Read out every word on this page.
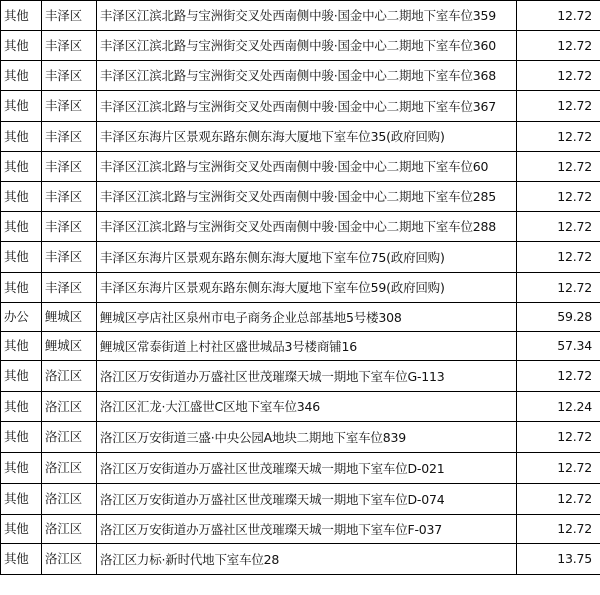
其他	丰泽区	丰泽区江滨北路与宝洲街交叉处西南侧中骏·国金中心二期地下室车位359	12.72
其他	丰泽区	丰泽区江滨北路与宝洲街交叉处西南侧中骏·国金中心二期地下室车位360	12.72
其他	丰泽区	丰泽区江滨北路与宝洲街交叉处西南侧中骏·国金中心二期地下室车位368	12.72
其他	丰泽区	丰泽区江滨北路与宝洲街交叉处西南侧中骏·国金中心二期地下室车位367	12.72
其他	丰泽区	丰泽区东海片区景观东路东侧东海大厦地下室车位35(政府回购)	12.72
其他	丰泽区	丰泽区江滨北路与宝洲街交叉处西南侧中骏·国金中心二期地下室车位60	12.72
其他	丰泽区	丰泽区江滨北路与宝洲街交叉处西南侧中骏·国金中心二期地下室车位285	12.72
其他	丰泽区	丰泽区江滨北路与宝洲街交叉处西南侧中骏·国金中心二期地下室车位288	12.72
其他	丰泽区	丰泽区东海片区景观东路东侧东海大厦地下室车位75(政府回购)	12.72
其他	丰泽区	丰泽区东海片区景观东路东侧东海大厦地下室车位59(政府回购)	12.72
办公	鲤城区	鲤城区亭店社区泉州市电子商务企业总部基地5号楼308	59.28
其他	鲤城区	鲤城区常泰街道上村社区盛世城品3号楼商铺16	57.34
其他	洛江区	洛江区万安街道办万盛社区世茂璀璨天城一期地下室车位G-113	12.72
其他	洛江区	洛江区汇龙·大江盛世C区地下室车位346	12.24
其他	洛江区	洛江区万安街道三盛·中央公园A地块二期地下室车位839	12.72
其他	洛江区	洛江区万安街道办万盛社区世茂璀璨天城一期地下室车位D-021	12.72
其他	洛江区	洛江区万安街道办万盛社区世茂璀璨天城一期地下室车位D-074	12.72
其他	洛江区	洛江区万安街道办万盛社区世茂璀璨天城一期地下室车位F-037	12.72
其他	洛江区	洛江区力标·新时代地下室车位28	13.75
